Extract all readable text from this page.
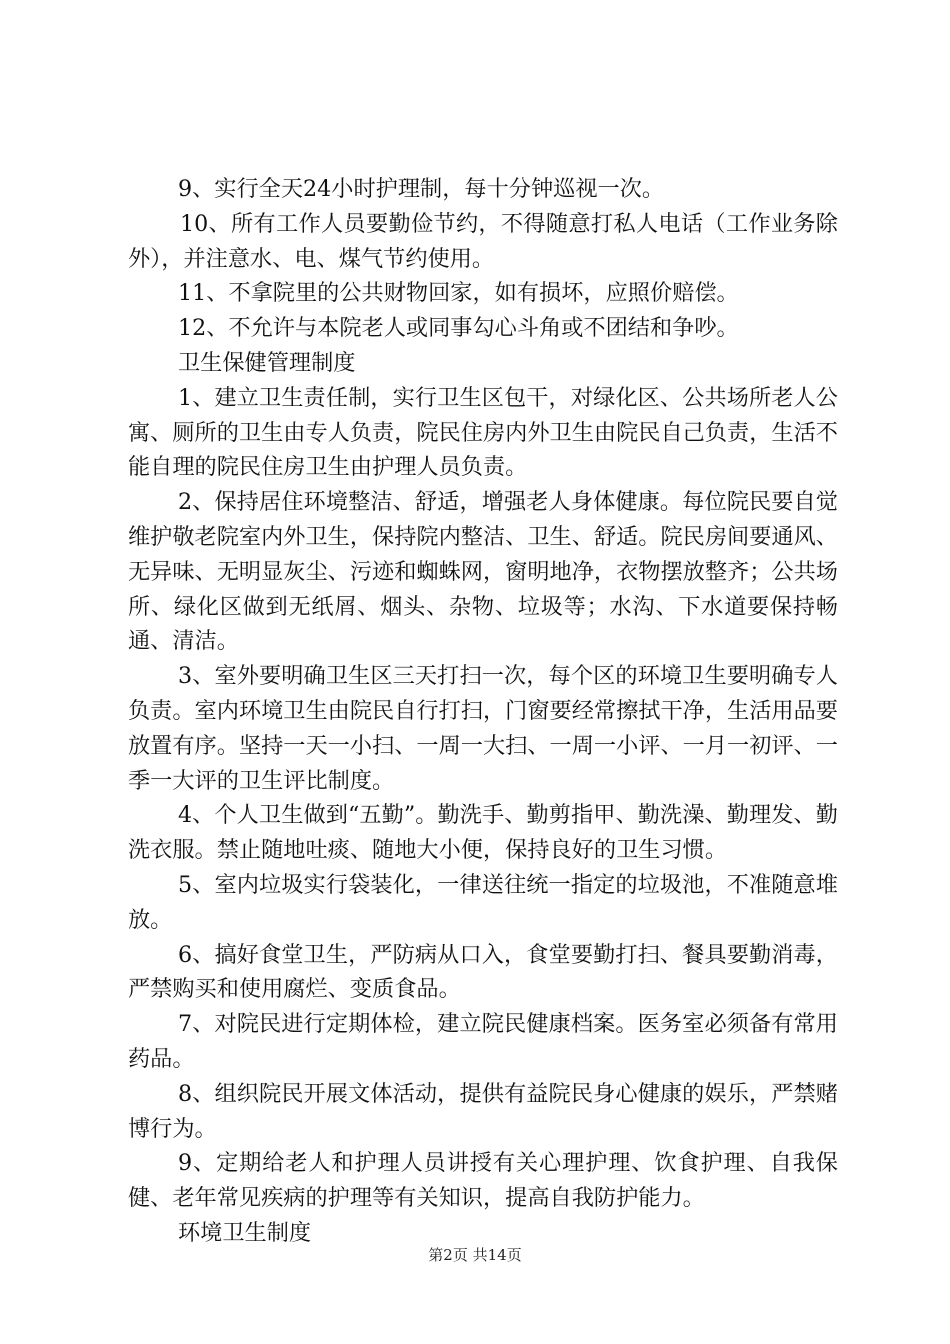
9、实行全天24小时护理制，每十分钟巡视一次。

10、所有工作人员要勤俭节约，不得随意打私人电话（工作业务除外），并注意水、电、煤气节约使用。

11、不拿院里的公共财物回家，如有损坏，应照价赔偿。

12、不允许与本院老人或同事勾心斗角或不团结和争吵。

卫生保健管理制度

1、建立卫生责任制，实行卫生区包干，对绿化区、公共场所老人公寓、厕所的卫生由专人负责，院民住房内外卫生由院民自己负责，生活不能自理的院民住房卫生由护理人员负责。

2、保持居住环境整洁、舒适，增强老人身体健康。每位院民要自觉维护敬老院室内外卫生，保持院内整洁、卫生、舒适。院民房间要通风、无异味、无明显灰尘、污迹和蜘蛛网，窗明地净，衣物摆放整齐；公共场所、绿化区做到无纸屑、烟头、杂物、垃圾等；水沟、下水道要保持畅通、清洁。

3、室外要明确卫生区三天打扫一次，每个区的环境卫生要明确专人负责。室内环境卫生由院民自行打扫，门窗要经常擦拭干净，生活用品要放置有序。坚持一天一小扫、一周一大扫、一周一小评、一月一初评、一季一大评的卫生评比制度。

4、个人卫生做到“五勤”。勤洗手、勤剪指甲、勤洗澡、勤理发、勤洗衣服。禁止随地吐痰、随地大小便，保持良好的卫生习惯。

5、室内垃圾实行袋装化，一律送往统一指定的垃圾池，不准随意堆放。

6、搞好食堂卫生，严防病从口入，食堂要勤打扫、餐具要勤消毒，严禁购买和使用腐烂、变质食品。

7、对院民进行定期体检，建立院民健康档案。医务室必须备有常用药品。

8、组织院民开展文体活动，提供有益院民身心健康的娱乐，严禁赌博行为。

9、定期给老人和护理人员讲授有关心理护理、饮食护理、自我保健、老年常见疾病的护理等有关知识，提高自我防护能力。

环境卫生制度

第2页 共14页
